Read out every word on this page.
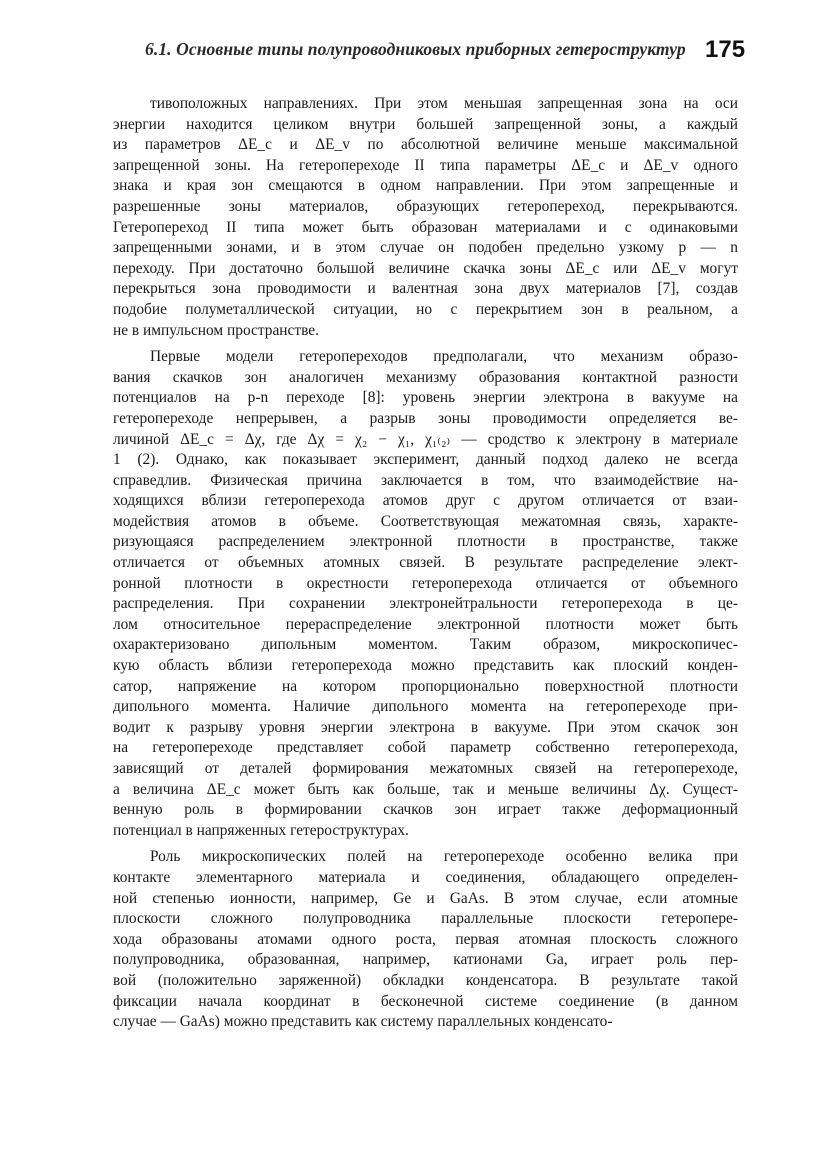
6.1. Основные типы полупроводниковых приборных гетероструктур 175

тивоположных направлениях. При этом меньшая запрещенная зона на оси
энергии находится целиком внутри большей запрещенной зоны, а каждый
из параметров ΔE_c и ΔE_v по абсолютной величине меньше максимальной
запрещенной зоны. На гетеропереходе II типа параметры ΔE_c и ΔE_v одного
знака и края зон смещаются в одном направлении. При этом запрещенные и
разрешенные зоны материалов, образующих гетеропереход, перекрываются.
Гетеропереход II типа может быть образован материалами и с одинаковыми
запрещенными зонами, и в этом случае он подобен предельно узкому p — n
переходу. При достаточно большой величине скачка зоны ΔE_c или ΔE_v могут
перекрыться зона проводимости и валентная зона двух материалов [7], создав
подобие полуметаллической ситуации, но с перекрытием зон в реальном, а
не в импульсном пространстве.

Первые модели гетеропереходов предполагали, что механизм образо-
вания скачков зон аналогичен механизму образования контактной разности
потенциалов на p-n переходе [8]: уровень энергии электрона в вакууме на
гетеропереходе непрерывен, а разрыв зоны проводимости определяется ве-
личиной ΔE_c = Δχ, где Δχ = χ₂ − χ₁, χ₁₍₂₎ — сродство к электрону в материале
1 (2). Однако, как показывает эксперимент, данный подход далеко не всегда
справедлив. Физическая причина заключается в том, что взаимодействие на-
ходящихся вблизи гетероперехода атомов друг с другом отличается от взаи-
модействия атомов в объеме. Соответствующая межатомная связь, характе-
ризующаяся распределением электронной плотности в пространстве, также
отличается от объемных атомных связей. В результате распределение элект-
ронной плотности в окрестности гетероперехода отличается от объемного
распределения. При сохранении электронейтральности гетероперехода в це-
лом относительное перераспределение электронной плотности может быть
охарактеризовано дипольным моментом. Таким образом, микроскопичес-
кую область вблизи гетероперехода можно представить как плоский конден-
сатор, напряжение на котором пропорционально поверхностной плотности
дипольного момента. Наличие дипольного момента на гетеропереходе при-
водит к разрыву уровня энергии электрона в вакууме. При этом скачок зон
на гетеропереходе представляет собой параметр собственно гетероперехода,
зависящий от деталей формирования межатомных связей на гетеропереходе,
а величина ΔE_c может быть как больше, так и меньше величины Δχ. Сущест-
венную роль в формировании скачков зон играет также деформационный
потенциал в напряженных гетероструктурах.

Роль микроскопических полей на гетеропереходе особенно велика при
контакте элементарного материала и соединения, обладающего определен-
ной степенью ионности, например, Ge и GaAs. В этом случае, если атомные
плоскости сложного полупроводника параллельные плоскости гетеропере-
хода образованы атомами одного роста, первая атомная плоскость сложного
полупроводника, образованная, например, катионами Ga, играет роль пер-
вой (положительно заряженной) обкладки конденсатора. В результате такой
фиксации начала координат в бесконечной системе соединение (в данном
случае — GaAs) можно представить как систему параллельных конденсато-
